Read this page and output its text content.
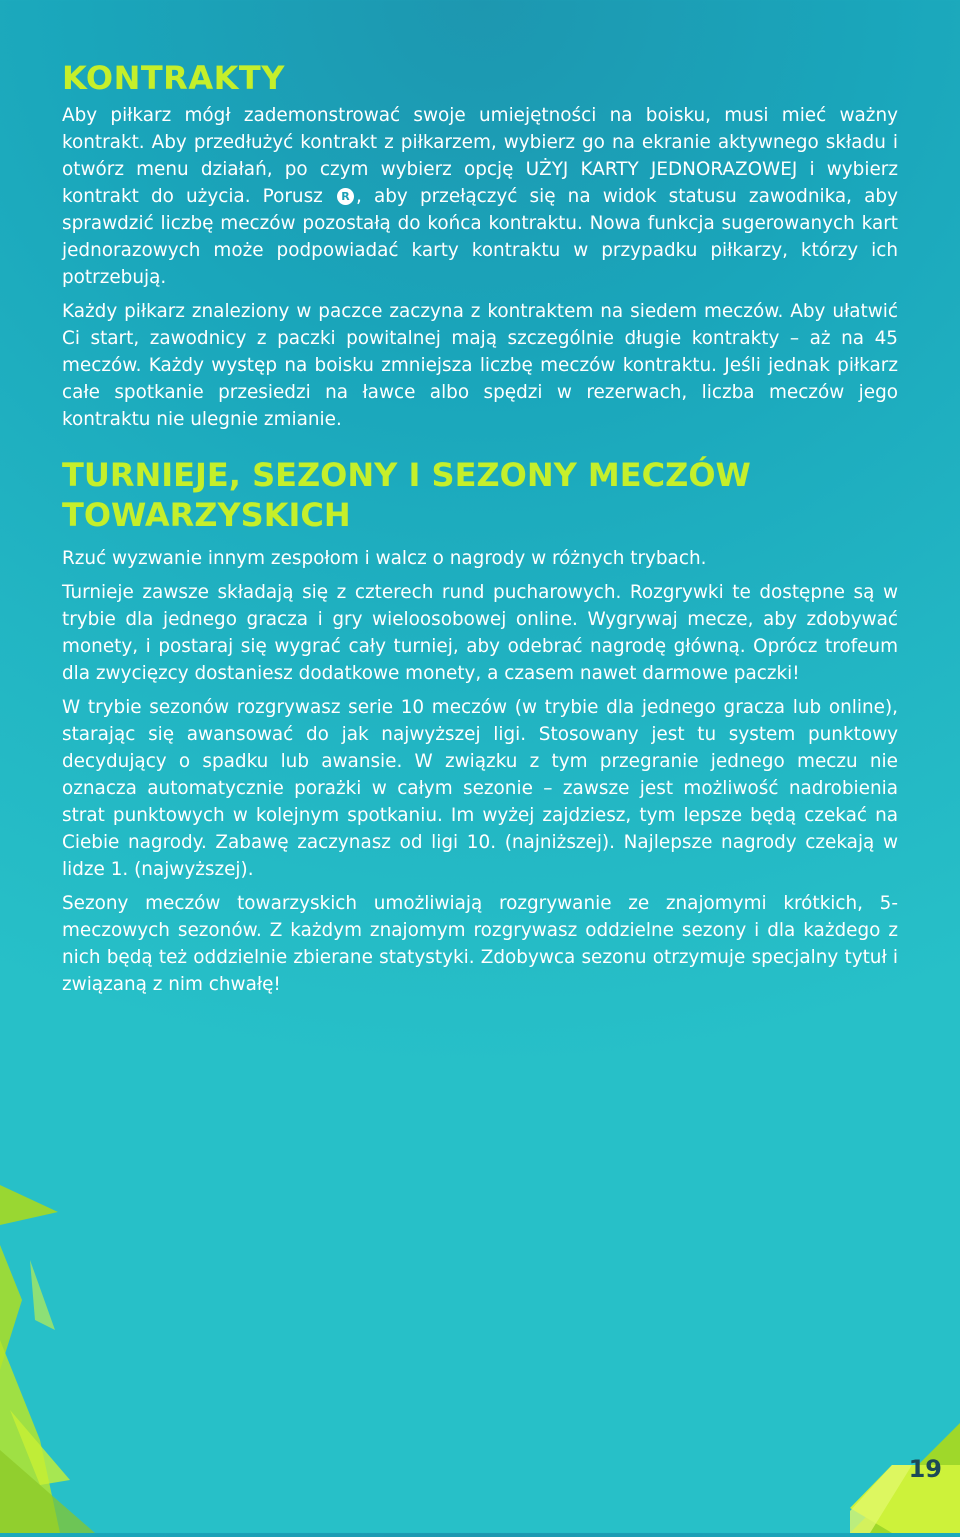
19
KONTRAKTY

Aby piłkarz mógł zademonstrować swoje umiejętności na boisku, musi mieć ważny kontrakt. Aby przedłużyć kontrakt z piłkarzem, wybierz go na ekranie aktywnego składu i otwórz menu działań, po czym wybierz opcję UŻYJ KARTY JEDNORAZOWEJ i wybierz kontrakt do użycia. Porusz R , aby przełączyć się na widok statusu zawodnika, aby sprawdzić liczbę meczów pozostałą do końca kontraktu. Nowa funkcja sugerowanych kart jednorazowych może podpowiadać karty kontraktu w przypadku piłkarzy, którzy ich potrzebują.

Każdy piłkarz znaleziony w paczce zaczyna z kontraktem na siedem meczów. Aby ułatwić Ci start, zawodnicy z paczki powitalnej mają szczególnie długie kontrakty – aż na 45 meczów. Każdy występ na boisku zmniejsza liczbę meczów kontraktu. Jeśli jednak piłkarz całe spotkanie przesiedzi na ławce albo spędzi w rezerwach, liczba meczów jego kontraktu nie ulegnie zmianie.

TURNIEJE, SEZONY I SEZONY MECZÓW TOWARZYSKICH

Rzuć wyzwanie innym zespołom i walcz o nagrody w różnych trybach.

Turnieje zawsze składają się z czterech rund pucharowych. Rozgrywki te dostępne są w trybie dla jednego gracza i gry wieloosobowej online. Wygrywaj mecze, aby zdobywać monety, i postaraj się wygrać cały turniej, aby odebrać nagrodę główną. Oprócz trofeum dla zwycięzcy dostaniesz dodatkowe monety, a czasem nawet darmowe paczki!

W trybie sezonów rozgrywasz serie 10 meczów (w trybie dla jednego gracza lub online), starając się awansować do jak najwyższej ligi. Stosowany jest tu system punktowy decydujący o spadku lub awansie. W związku z tym przegranie jednego meczu nie oznacza automatycznie porażki w całym sezonie – zawsze jest możliwość nadrobienia strat punktowych w kolejnym spotkaniu. Im wyżej zajdziesz, tym lepsze będą czekać na Ciebie nagrody. Zabawę zaczynasz od ligi 10. (najniższej). Najlepsze nagrody czekają w lidze 1. (najwyższej).

Sezony meczów towarzyskich umożliwiają rozgrywanie ze znajomymi krótkich, 5-meczowych sezonów. Z każdym znajomym rozgrywasz oddzielne sezony i dla każdego z nich będą też oddzielnie zbierane statystyki. Zdobywca sezonu otrzymuje specjalny tytuł i związaną z nim chwałę!
